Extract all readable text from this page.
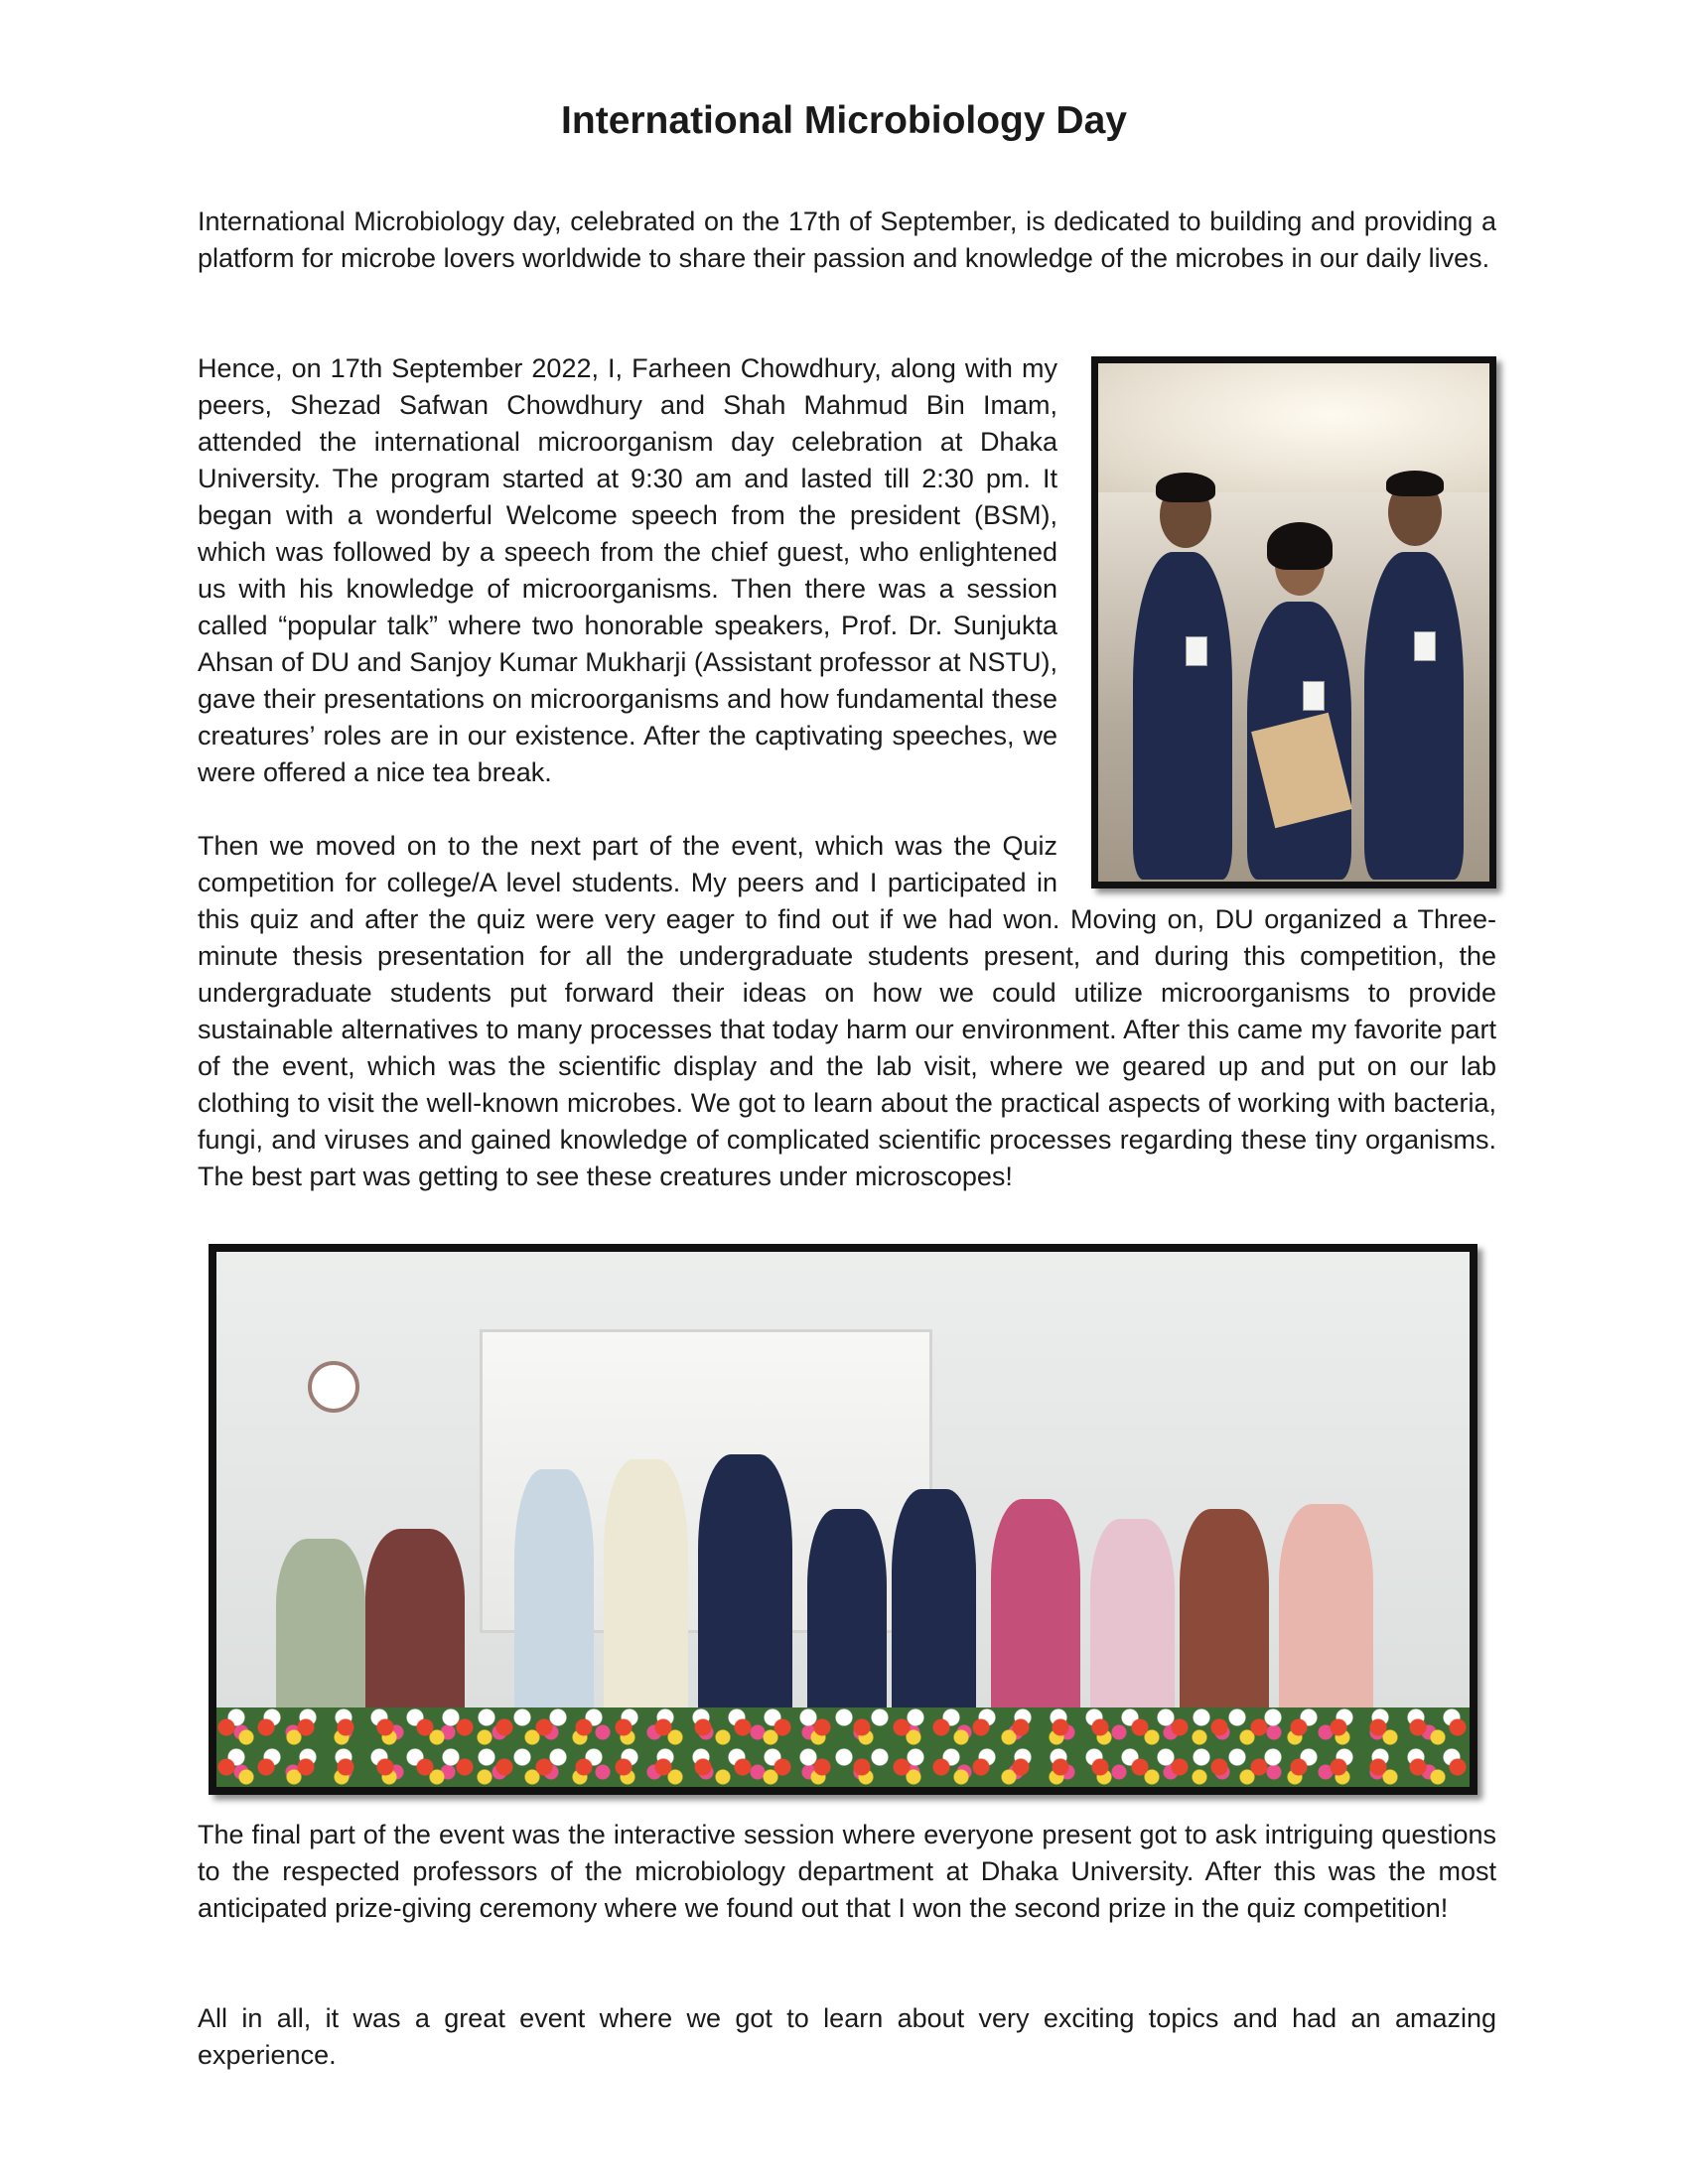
International Microbiology Day

International Microbiology day, celebrated on the 17th of September, is dedicated to building and providing a platform for microbe lovers worldwide to share their passion and knowledge of the microbes in our daily lives.

Hence, on 17th September 2022, I, Farheen Chowdhury, along with my peers, Shezad Safwan Chowdhury and Shah Mahmud Bin Imam, attended the international microorganism day celebration at Dhaka University. The program started at 9:30 am and lasted till 2:30 pm. It began with a wonderful Welcome speech from the president (BSM), which was followed by a speech from the chief guest, who enlightened us with his knowledge of microorganisms. Then there was a session called “popular talk” where two honorable speakers, Prof. Dr. Sunjukta Ahsan of DU and Sanjoy Kumar Mukharji (Assistant professor at NSTU), gave their presentations on microorganisms and how fundamental these creatures’ roles are in our existence. After the captivating speeches, we were offered a nice tea break.
Then we moved on to the next part of the event, which was the Quiz competition for college/A level students. My peers and I participated in this quiz and after the quiz were very eager to find out if we had won. Moving on, DU organized a Three-minute thesis presentation for all the undergraduate students present, and during this competition, the undergraduate students put forward their ideas on how we could utilize microorganisms to provide sustainable alternatives to many processes that today harm our environment. After this came my favorite part of the event, which was the scientific display and the lab visit, where we geared up and put on our lab clothing to visit the well-known microbes. We got to learn about the practical aspects of working with bacteria, fungi, and viruses and gained knowledge of complicated scientific processes regarding these tiny organisms. The best part was getting to see these creatures under microscopes!

The final part of the event was the interactive session where everyone present got to ask intriguing questions to the respected professors of the microbiology department at Dhaka University. After this was the most anticipated prize-giving ceremony where we found out that I won the second prize in the quiz competition!

All in all, it was a great event where we got to learn about very exciting topics and had an amazing experience.
